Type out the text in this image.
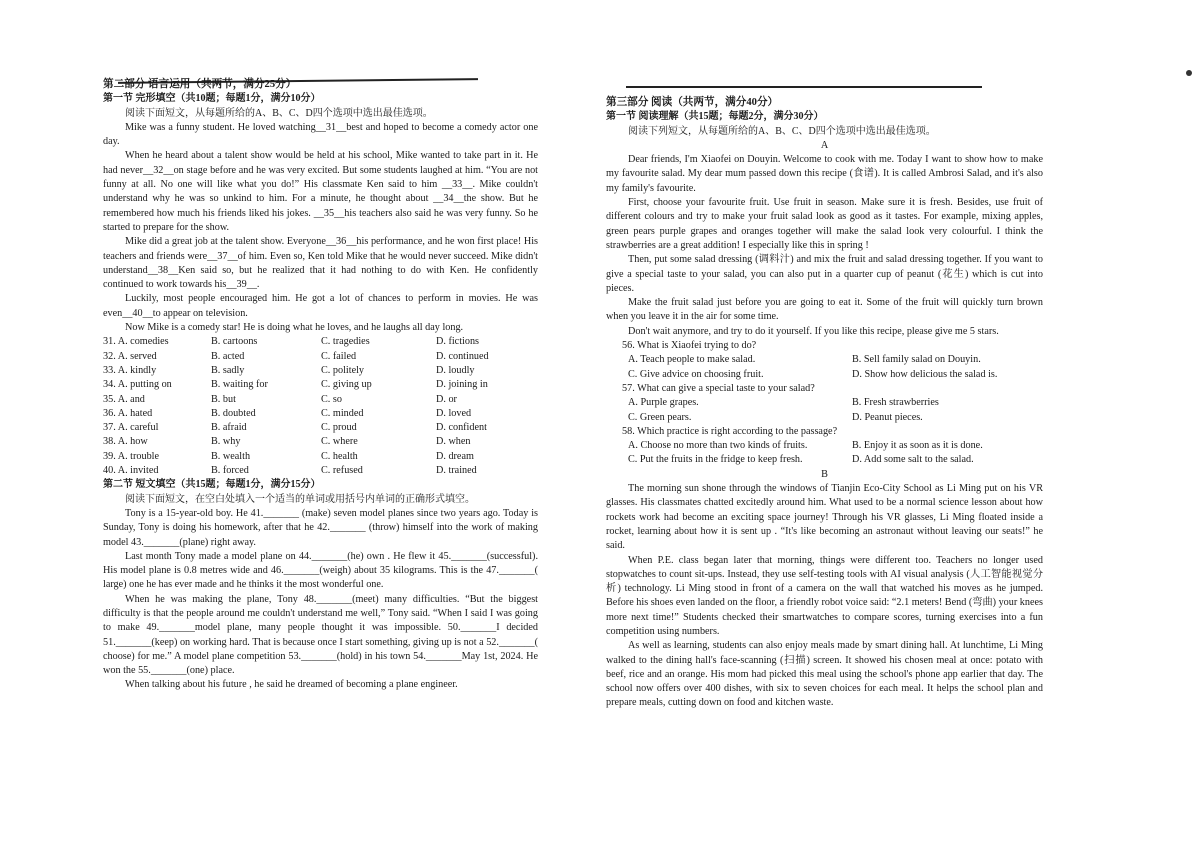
第二部分 语言运用（共两节，满分25分）

第一节 完形填空（共10题；每题1分，满分10分）

阅读下面短文，从每题所给的A、B、C、D四个选项中选出最佳选项。

Mike was a funny student. He loved watching__31__best and hoped to become a comedy actor one day.

When he heard about a talent show would be held at his school, Mike wanted to take part in it. He had never__32__on stage before and he was very excited. But some students laughed at him. “You are not funny at all. No one will like what you do!” His classmate Ken said to him __33__. Mike couldn't understand why he was so unkind to him. For a minute, he thought about __34__the show. But he remembered how much his friends liked his jokes. __35__his teachers also said he was very funny. So he started to prepare for the show.

Mike did a great job at the talent show. Everyone__36__his performance, and he won first place! His teachers and friends were__37__of him. Even so, Ken told Mike that he would never succeed. Mike didn't understand__38__Ken said so, but he realized that it had nothing to do with Ken. He confidently continued to work towards his__39__.

Luckily, most people encouraged him. He got a lot of chances to perform in movies. He was even__40__to appear on television.

Now Mike is a comedy star! He is doing what he loves, and he laughs all day long.

31. A. comedies	B. cartoons	C. tragedies	D. fictions
32. A. served	B. acted	C. failed	D. continued
33. A. kindly	B. sadly	C. politely	D. loudly
34. A. putting on	B. waiting for	C. giving up	D. joining in
35. A. and	B. but	C. so	D. or
36. A. hated	B. doubted	C. minded	D. loved
37. A. careful	B. afraid	C. proud	D. confident
38. A. how	B. why	C. where	D. when
39. A. trouble	B. wealth	C. health	D. dream
40. A. invited	B. forced	C. refused	D. trained

第二节 短文填空（共15题；每题1分，满分15分）

阅读下面短文，在空白处填入一个适当的单词或用括号内单词的正确形式填空。

Tony is a 15-year-old boy. He 41._______ (make) seven model planes since two years ago. Today is Sunday, Tony is doing his homework, after that he 42._______ (throw) himself into the work of making model 43._______(plane) right away.

Last month Tony made a model plane on 44._______(he) own . He flew it 45._______(successful). His model plane is 0.8 metres wide and 46._______(weigh) about 35 kilograms. This is the 47._______( large) one he has ever made and he thinks it the most wonderful one.

When he was making the plane, Tony 48._______(meet) many difficulties. “But the biggest difficulty is that the people around me couldn't understand me well,” Tony said. “When I said I was going to make 49._______model plane, many people thought it was impossible. 50._______I decided 51._______(keep) on working hard. That is because once I start something, giving up is not a 52._______( choose) for me.” A model plane competition 53._______(hold) in his town 54._______May 1st, 2024. He won the 55._______(one) place.

When talking about his future , he said he dreamed of becoming a plane engineer.

第三部分 阅读（共两节，满分40分）

第一节 阅读理解（共15题；每题2分，满分30分）

阅读下列短文，从每题所给的A、B、C、D四个选项中选出最佳选项。

A

Dear friends, I'm Xiaofei on Douyin. Welcome to cook with me. Today I want to show how to make my favourite salad. My dear mum passed down this recipe (食谱). It is called Ambrosi Salad, and it's also my family's favourite.

First, choose your favourite fruit. Use fruit in season. Make sure it is fresh. Besides, use fruit of different colours and try to make your fruit salad look as good as it tastes. For example, mixing apples, green pears purple grapes and oranges together will make the salad look very colourful. I think the strawberries are a great addition! I especially like this in spring !

Then, put some salad dressing (调料汁) and mix the fruit and salad dressing together. If you want to give a special taste to your salad, you can also put in a quarter cup of peanut (花生) which is cut into pieces.

Make the fruit salad just before you are going to eat it. Some of the fruit will quickly turn brown when you leave it in the air for some time.

Don't wait anymore, and try to do it yourself. If you like this recipe, please give me 5 stars.

56. What is Xiaofei trying to do?

A. Teach people to make salad.	B. Sell family salad on Douyin.
C. Give advice on choosing fruit.	D. Show how delicious the salad is.

57. What can give a special taste to your salad?

A. Purple grapes.	B. Fresh strawberries
C. Green pears.	D. Peanut pieces.

58. Which practice is right according to the passage?

A. Choose no more than two kinds of fruits.	B. Enjoy it as soon as it is done.
C. Put the fruits in the fridge to keep fresh.	D. Add some salt to the salad.

B

The morning sun shone through the windows of Tianjin Eco-City School as Li Ming put on his VR glasses. His classmates chatted excitedly around him. What used to be a normal science lesson about how rockets work had become an exciting space journey! Through his VR glasses, Li Ming floated inside a rocket, learning about how it is sent up . “It's like becoming an astronaut without leaving our seats!” he said.

When P.E. class began later that morning, things were different too. Teachers no longer used stopwatches to count sit-ups. Instead, they use self-testing tools with AI visual analysis (人工智能视觉分析) technology. Li Ming stood in front of a camera on the wall that watched his moves as he jumped. Before his shoes even landed on the floor, a friendly robot voice said: “2.1 meters! Bend (弯曲) your knees more next time!” Students checked their smartwatches to compare scores, turning exercises into a fun competition using numbers.

As well as learning, students can also enjoy meals made by smart dining hall. At lunchtime, Li Ming walked to the dining hall's face-scanning (扫描) screen. It showed his chosen meal at once: potato with beef, rice and an orange. His mom had picked this meal using the school's phone app earlier that day. The school now offers over 400 dishes, with six to seven choices for each meal. It helps the school plan and prepare meals, cutting down on food and kitchen waste.
